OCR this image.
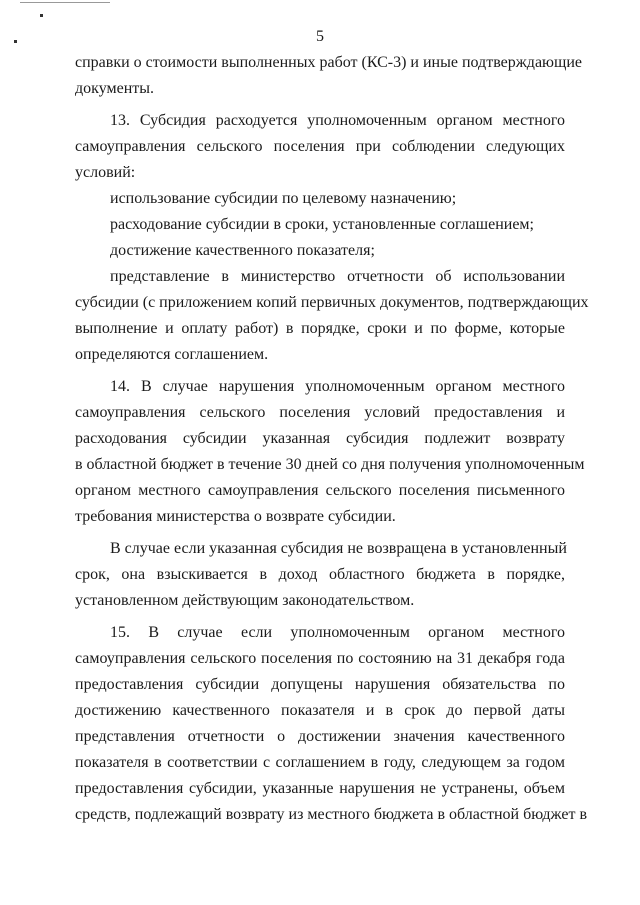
5
справки о стоимости выполненных работ (КС-3) и иные подтверждающие
документы.
13. Субсидия расходуется уполномоченным органом местного
самоуправления сельского поселения при соблюдении следующих
условий:
использование субсидии по целевому назначению;
расходование субсидии в сроки, установленные соглашением;
достижение качественного показателя;
представление в министерство отчетности об использовании
субсидии (с приложением копий первичных документов, подтверждающих
выполнение и оплату работ) в порядке, сроки и по форме, которые
определяются соглашением.
14. В случае нарушения уполномоченным органом местного
самоуправления сельского поселения условий предоставления и
расходования субсидии указанная субсидия подлежит возврату
в областной бюджет в течение 30 дней со дня получения уполномоченным
органом местного самоуправления сельского поселения письменного
требования министерства о возврате субсидии.
В случае если указанная субсидия не возвращена в установленный
срок, она взыскивается в доход областного бюджета в порядке,
установленном действующим законодательством.
15. В случае если уполномоченным органом местного
самоуправления сельского поселения по состоянию на 31 декабря года
предоставления субсидии допущены нарушения обязательства по
достижению качественного показателя и в срок до первой даты
представления отчетности о достижении значения качественного
показателя в соответствии с соглашением в году, следующем за годом
предоставления субсидии, указанные нарушения не устранены, объем
средств, подлежащий возврату из местного бюджета в областной бюджет в
